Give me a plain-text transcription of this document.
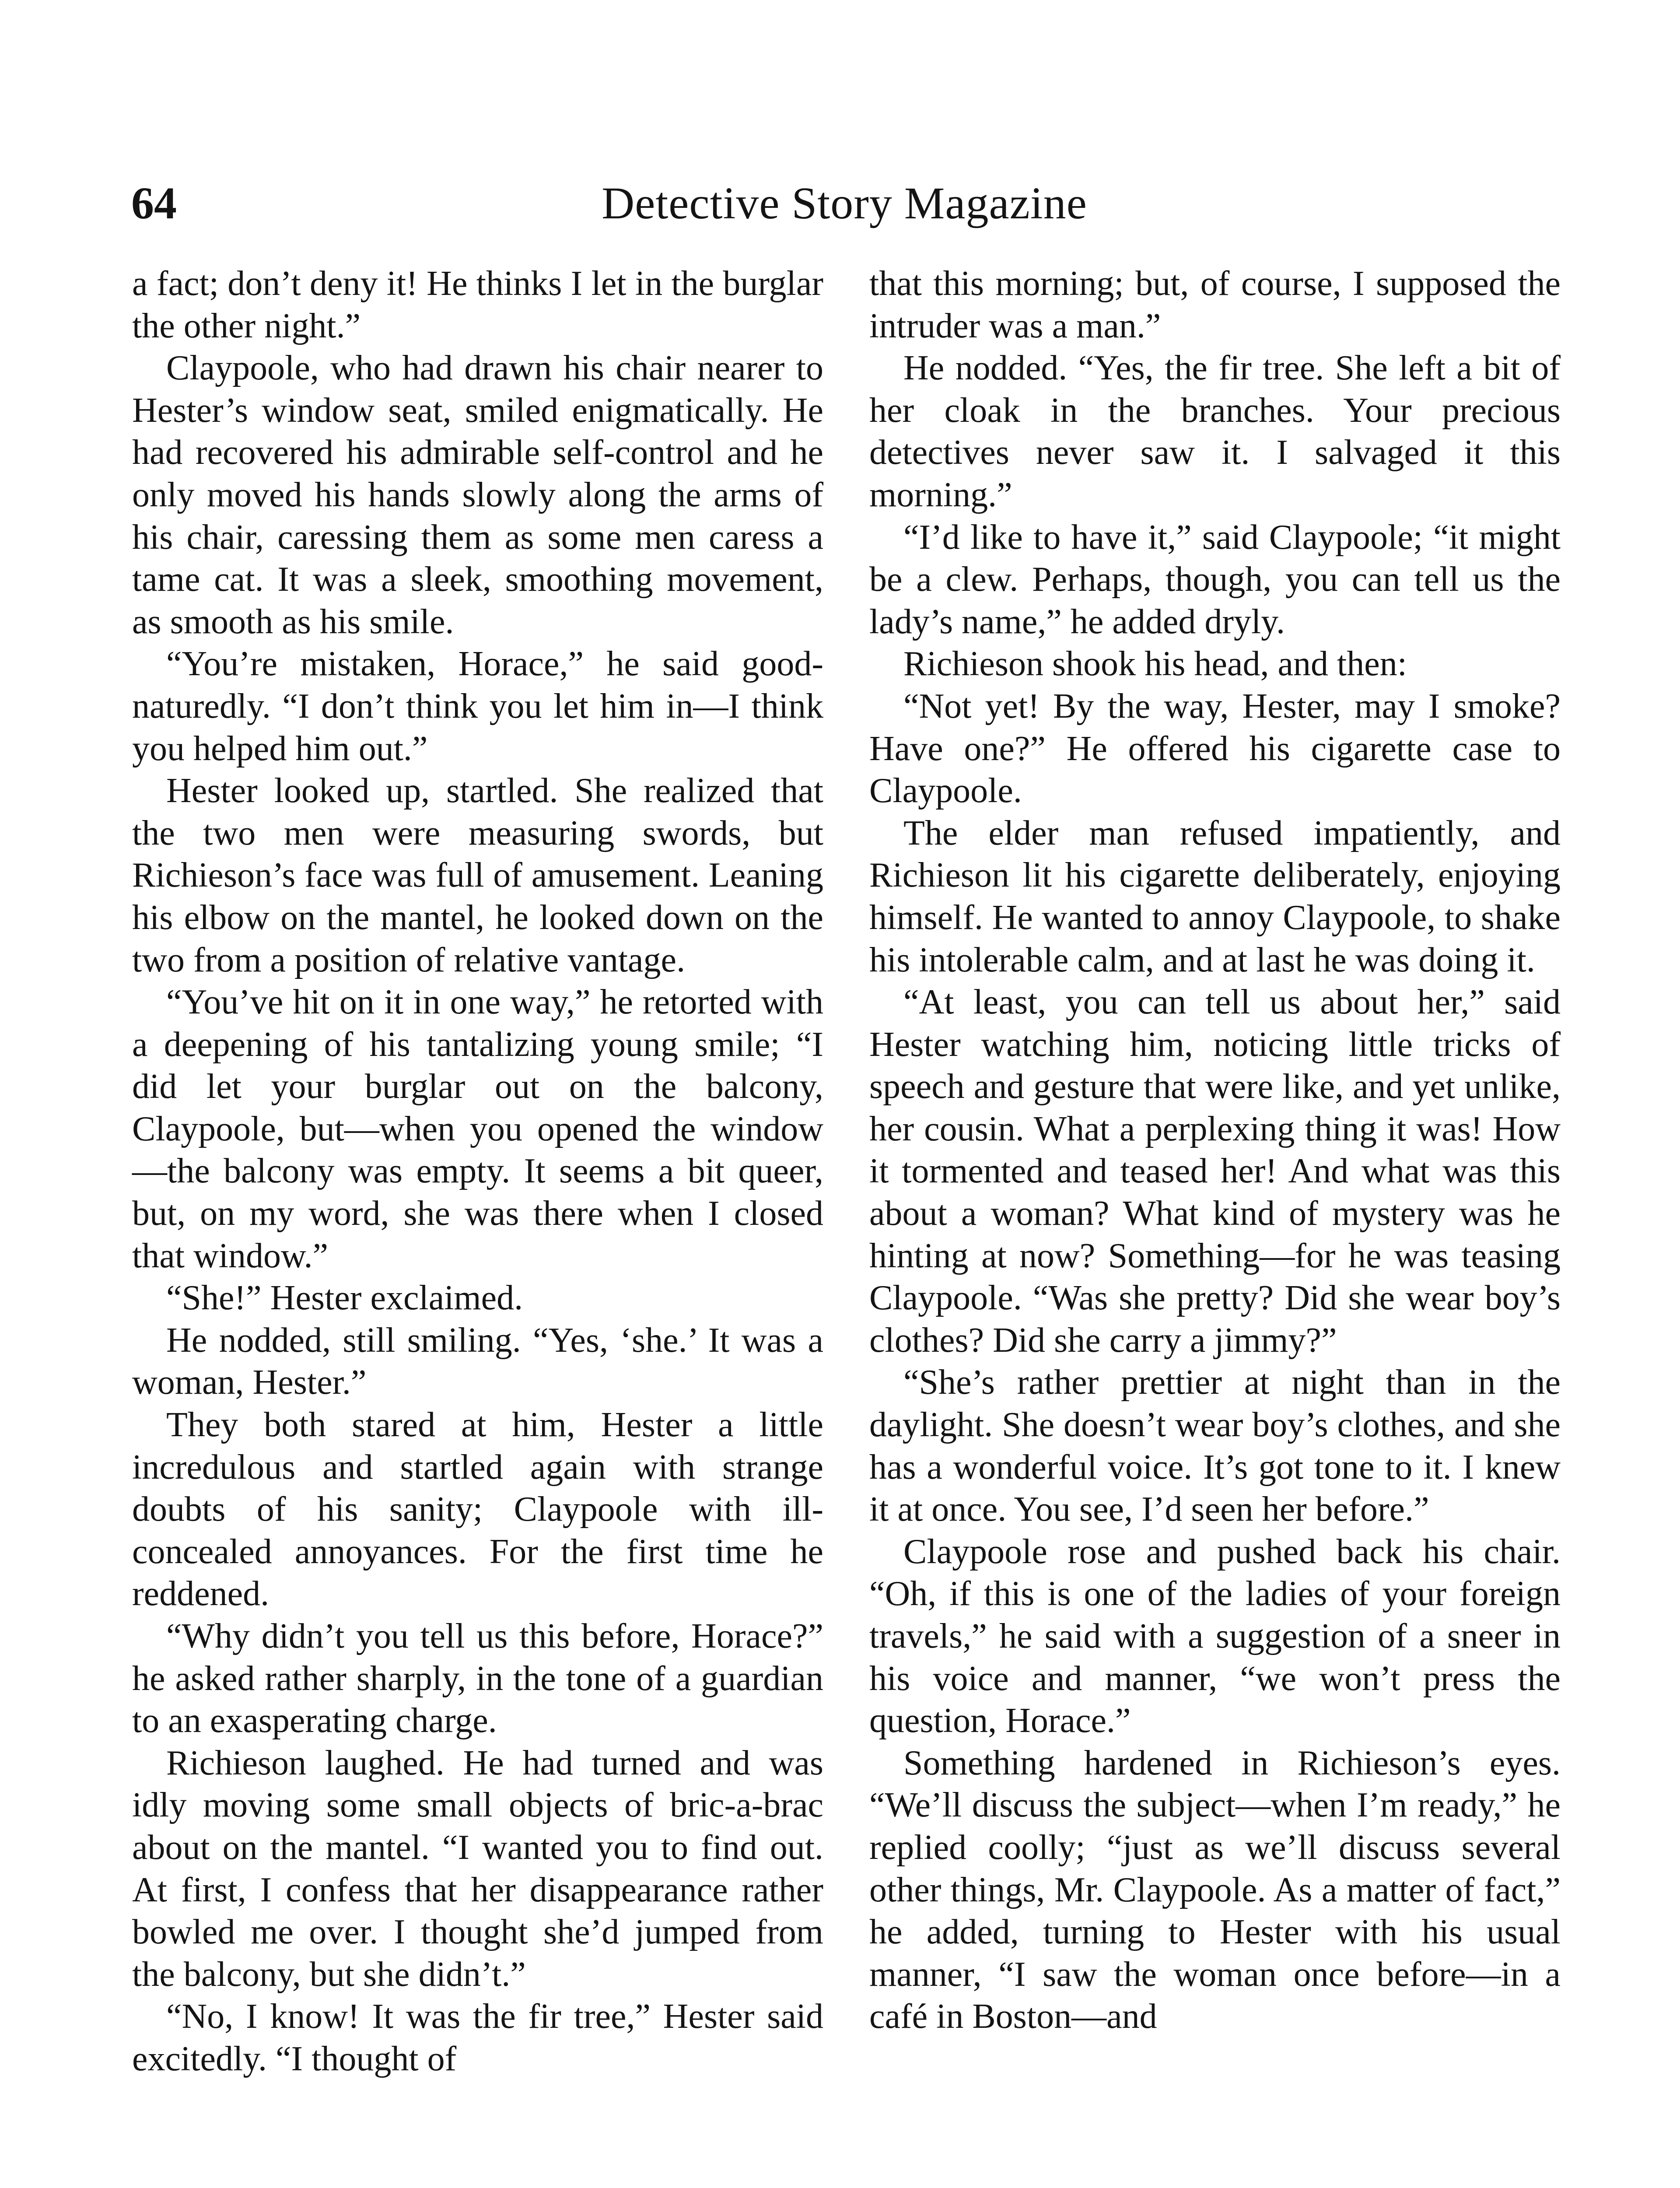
64	Detective Story Magazine

a fact; don’t deny it! He thinks I let in the burglar the other night.”

Claypoole, who had drawn his chair nearer to Hester’s window seat, smiled enigmatically. He had recovered his admirable self-control and he only moved his hands slowly along the arms of his chair, caressing them as some men caress a tame cat. It was a sleek, smoothing movement, as smooth as his smile.

“You’re mistaken, Horace,” he said good-naturedly. “I don’t think you let him in—I think you helped him out.”

Hester looked up, startled. She realized that the two men were measuring swords, but Richieson’s face was full of amusement. Leaning his elbow on the mantel, he looked down on the two from a position of relative vantage.

“You’ve hit on it in one way,” he retorted with a deepening of his tantalizing young smile; “I did let your burglar out on the balcony, Claypoole, but—when you opened the window—the balcony was empty. It seems a bit queer, but, on my word, she was there when I closed that window.”

“She!” Hester exclaimed.

He nodded, still smiling. “Yes, ‘she.’ It was a woman, Hester.”

They both stared at him, Hester a little incredulous and startled again with strange doubts of his sanity; Claypoole with ill-concealed annoyances. For the first time he reddened.

“Why didn’t you tell us this before, Horace?” he asked rather sharply, in the tone of a guardian to an exasperating charge.

Richieson laughed. He had turned and was idly moving some small objects of bric-a-brac about on the mantel. “I wanted you to find out. At first, I confess that her disappearance rather bowled me over. I thought she’d jumped from the balcony, but she didn’t.”

“No, I know! It was the fir tree,” Hester said excitedly. “I thought of

that this morning; but, of course, I supposed the intruder was a man.”

He nodded. “Yes, the fir tree. She left a bit of her cloak in the branches. Your precious detectives never saw it. I salvaged it this morning.”

“I’d like to have it,” said Claypoole; “it might be a clew. Perhaps, though, you can tell us the lady’s name,” he added dryly.

Richieson shook his head, and then:

“Not yet! By the way, Hester, may I smoke? Have one?” He offered his cigarette case to Claypoole.

The elder man refused impatiently, and Richieson lit his cigarette deliberately, enjoying himself. He wanted to annoy Claypoole, to shake his intolerable calm, and at last he was doing it.

“At least, you can tell us about her,” said Hester watching him, noticing little tricks of speech and gesture that were like, and yet unlike, her cousin. What a perplexing thing it was! How it tormented and teased her! And what was this about a woman? What kind of mystery was he hinting at now? Something—for he was teasing Claypoole. “Was she pretty? Did she wear boy’s clothes? Did she carry a jimmy?”

“She’s rather prettier at night than in the daylight. She doesn’t wear boy’s clothes, and she has a wonderful voice. It’s got tone to it. I knew it at once. You see, I’d seen her before.”

Claypoole rose and pushed back his chair. “Oh, if this is one of the ladies of your foreign travels,” he said with a suggestion of a sneer in his voice and manner, “we won’t press the question, Horace.”

Something hardened in Richieson’s eyes. “We’ll discuss the subject—when I’m ready,” he replied coolly; “just as we’ll discuss several other things, Mr. Claypoole. As a matter of fact,” he added, turning to Hester with his usual manner, “I saw the woman once before—in a café in Boston—and
